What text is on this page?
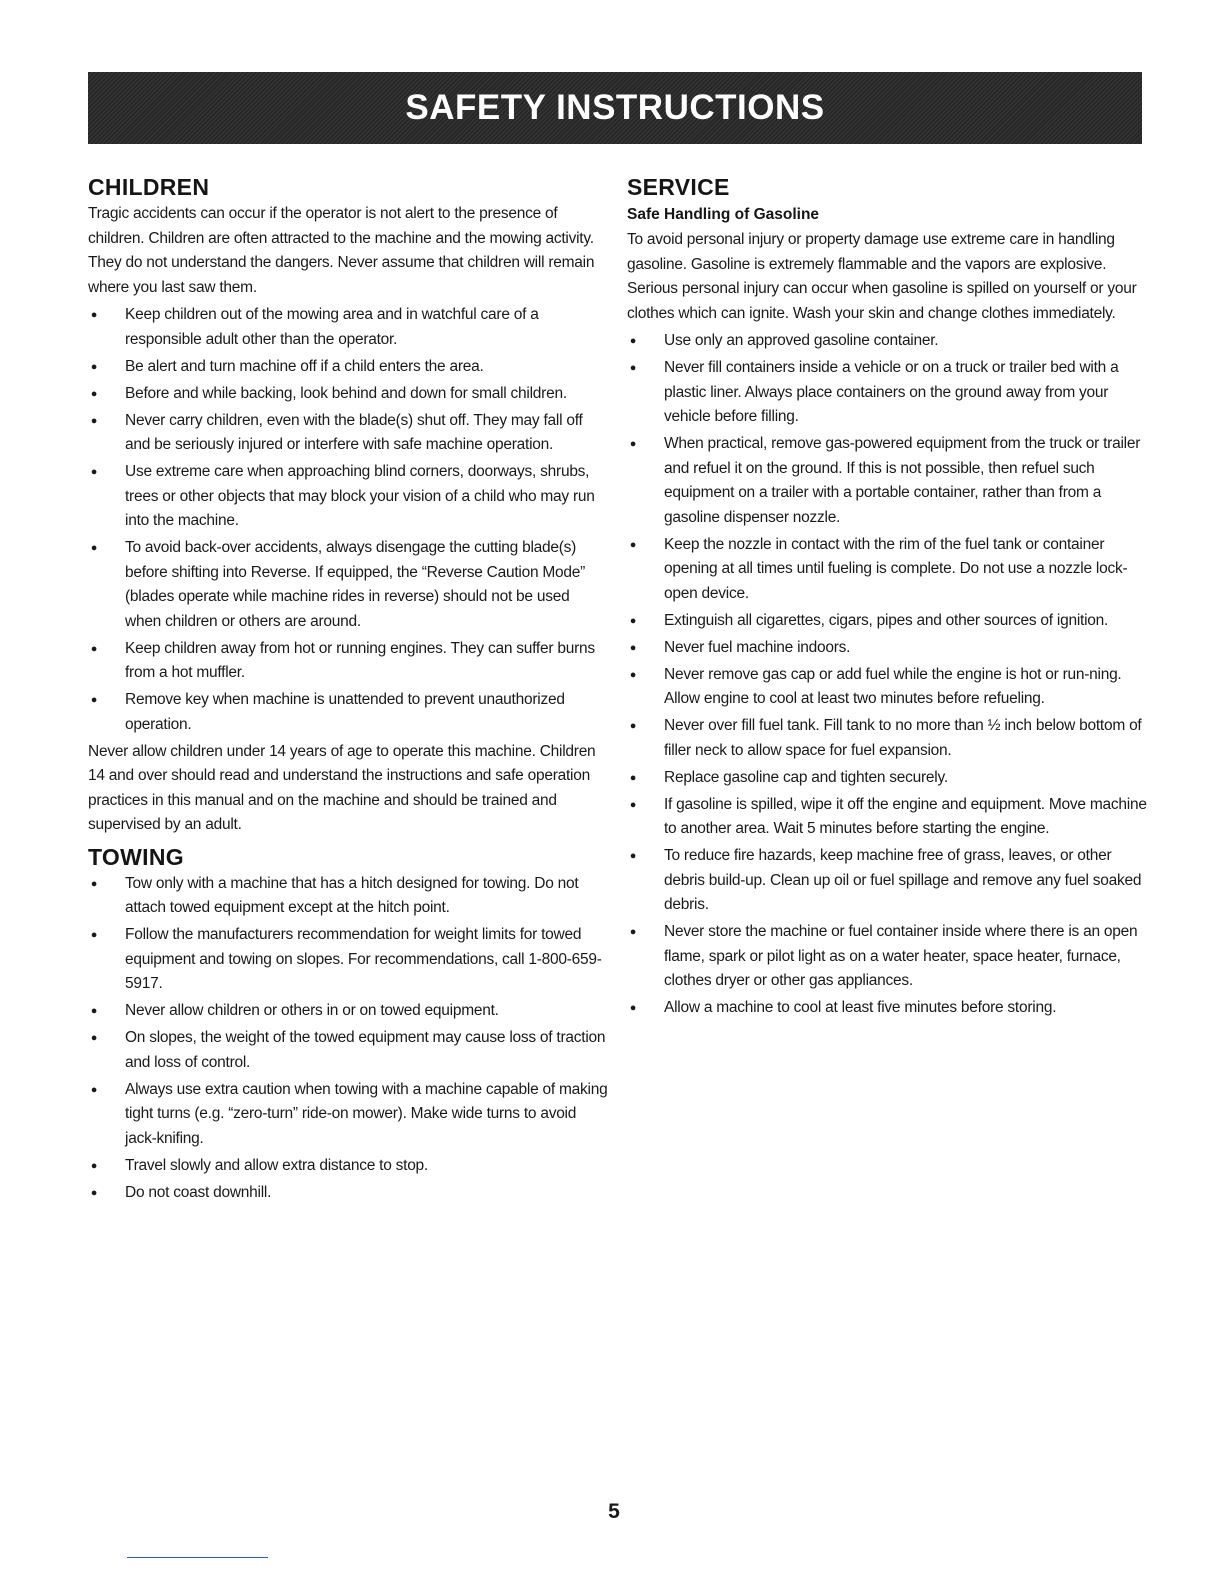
SAFETY INSTRUCTIONS
CHILDREN

Tragic accidents can occur if the operator is not alert to the presence of children. Children are often attracted to the machine and the mowing activity. They do not understand the dangers. Never assume that children will remain where you last saw them.

● Keep children out of the mowing area and in watchful care of a responsible adult other than the operator.
● Be alert and turn machine off if a child enters the area.
● Before and while backing, look behind and down for small children.
● Never carry children, even with the blade(s) shut off. They may fall off and be seriously injured or interfere with safe machine operation.
● Use extreme care when approaching blind corners, doorways, shrubs, trees or other objects that may block your vision of a child who may run into the machine.
● To avoid back-over accidents, always disengage the cutting blade(s) before shifting into Reverse. If equipped, the “Reverse Caution Mode” (blades operate while machine rides in reverse) should not be used when children or others are around.
● Keep children away from hot or running engines. They can suffer burns from a hot muffler.
● Remove key when machine is unattended to prevent unauthorized operation.

Never allow children under 14 years of age to operate this machine. Children 14 and over should read and understand the instructions and safe operation practices in this manual and on the machine and should be trained and supervised by an adult.

TOWING
● Tow only with a machine that has a hitch designed for towing. Do not attach towed equipment except at the hitch point.
● Follow the manufacturers recommendation for weight limits for towed equipment and towing on slopes. For recommendations, call 1-800-659-5917.
● Never allow children or others in or on towed equipment.
● On slopes, the weight of the towed equipment may cause loss of traction and loss of control.
● Always use extra caution when towing with a machine capable of making tight turns (e.g. “zero-turn” ride-on mower). Make wide turns to avoid jack-knifing.
● Travel slowly and allow extra distance to stop.
● Do not coast downhill.
SERVICE
Safe Handling of Gasoline

To avoid personal injury or property damage use extreme care in handling gasoline. Gasoline is extremely flammable and the vapors are explosive. Serious personal injury can occur when gasoline is spilled on yourself or your clothes which can ignite. Wash your skin and change clothes immediately.

● Use only an approved gasoline container.
● Never fill containers inside a vehicle or on a truck or trailer bed with a plastic liner. Always place containers on the ground away from your vehicle before filling.
● When practical, remove gas-powered equipment from the truck or trailer and refuel it on the ground. If this is not possible, then refuel such equipment on a trailer with a portable container, rather than from a gasoline dispenser nozzle.
● Keep the nozzle in contact with the rim of the fuel tank or container opening at all times until fueling is complete. Do not use a nozzle lock-open device.
● Extinguish all cigarettes, cigars, pipes and other sources of ignition.
● Never fuel machine indoors.
● Never remove gas cap or add fuel while the engine is hot or run-ning. Allow engine to cool at least two minutes before refueling.
● Never over fill fuel tank. Fill tank to no more than ½ inch below bottom of filler neck to allow space for fuel expansion.
● Replace gasoline cap and tighten securely.
● If gasoline is spilled, wipe it off the engine and equipment. Move machine to another area. Wait 5 minutes before starting the engine.
● To reduce fire hazards, keep machine free of grass, leaves, or other debris build-up. Clean up oil or fuel spillage and remove any fuel soaked debris.
● Never store the machine or fuel container inside where there is an open flame, spark or pilot light as on a water heater, space heater, furnace, clothes dryer or other gas appliances.
● Allow a machine to cool at least five minutes before storing.
5
